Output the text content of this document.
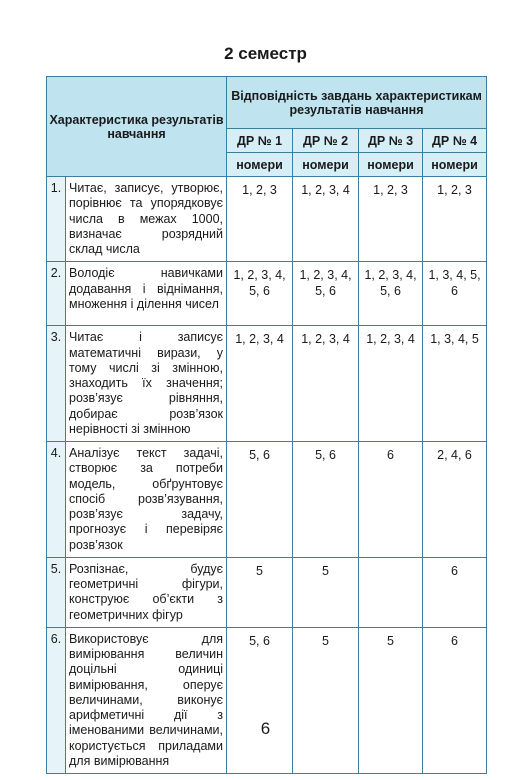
2 семестр
Характеристика результатів навчання		Відповідність завдань характеристикам результатів навчання			
		ДР № 1	ДР № 2	ДР № 3	ДР № 4
		номери	номери	номери	номери
1.	Читає, записує, утворює, порівнює та упорядковує числа в межах 1000, визначає розрядний склад числа	1, 2, 3	1, 2, 3, 4	1, 2, 3	1, 2, 3
2.	Володіє навичками додавання і віднімання, множення і ділення чисел	1, 2, 3, 4, 5, 6	1, 2, 3, 4, 5, 6	1, 2, 3, 4, 5, 6	1, 3, 4, 5, 6
3.	Читає і записує математичні вирази, у тому числі зі змінною, знаходить їх значення; розв’язує рівняння, добирає розв’язок нерівності зі змінною	1, 2, 3, 4	1, 2, 3, 4	1, 2, 3, 4	1, 3, 4, 5
4.	Аналізує текст задачі, створює за потреби модель, обґрунтовує спосіб розв’язування, розв’язує задачу, прогнозує і перевіряє розв’язок	5, 6	5, 6	6	2, 4, 6
5.	Розпізнає, будує геометричні фігури, конструює об’єкти з геометричних фігур	5	5		6
6.	Використовує для вимірювання величин доцільні одиниці вимірювання, оперує величинами, виконує арифметичні дії з іменованими величинами, користується приладами для вимірювання	5, 6	5	5	6
6
